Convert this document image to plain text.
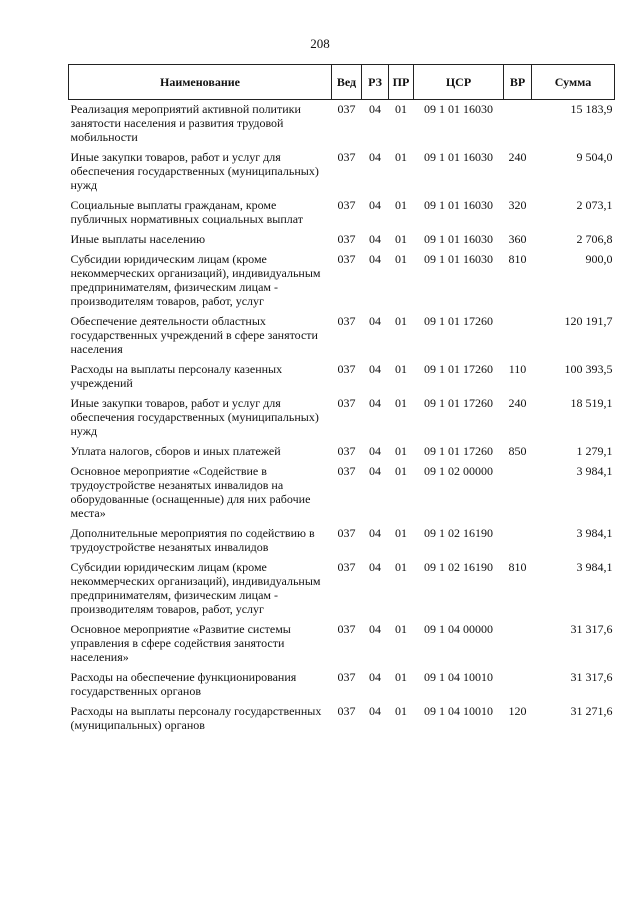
208
Наименование	Вед	РЗ	ПР	ЦСР	ВР	Сумма
Реализация мероприятий активной политики занятости населения и развития трудовой мобильности	037	04	01	09 1 01 16030		15 183,9
Иные закупки товаров, работ и услуг для обеспечения государственных (муниципальных) нужд	037	04	01	09 1 01 16030	240	9 504,0
Социальные выплаты гражданам, кроме публичных нормативных социальных выплат	037	04	01	09 1 01 16030	320	2 073,1
Иные выплаты населению	037	04	01	09 1 01 16030	360	2 706,8
Субсидии юридическим лицам (кроме некоммерческих организаций), индивидуальным предпринимателям, физическим лицам - производителям товаров, работ, услуг	037	04	01	09 1 01 16030	810	900,0
Обеспечение деятельности областных государственных учреждений в сфере занятости населения	037	04	01	09 1 01 17260		120 191,7
Расходы на выплаты персоналу казенных учреждений	037	04	01	09 1 01 17260	110	100 393,5
Иные закупки товаров, работ и услуг для обеспечения государственных (муниципальных) нужд	037	04	01	09 1 01 17260	240	18 519,1
Уплата налогов, сборов и иных платежей	037	04	01	09 1 01 17260	850	1 279,1
Основное мероприятие «Содействие в трудоустройстве незанятых инвалидов на оборудованные (оснащенные) для них рабочие места»	037	04	01	09 1 02 00000		3 984,1
Дополнительные мероприятия по содействию в трудоустройстве незанятых инвалидов	037	04	01	09 1 02 16190		3 984,1
Субсидии юридическим лицам (кроме некоммерческих организаций), индивидуальным предпринимателям, физическим лицам - производителям товаров, работ, услуг	037	04	01	09 1 02 16190	810	3 984,1
Основное мероприятие «Развитие системы управления в сфере содействия занятости населения»	037	04	01	09 1 04 00000		31 317,6
Расходы на обеспечение функционирования государственных органов	037	04	01	09 1 04 10010		31 317,6
Расходы на выплаты персоналу государственных (муниципальных) органов	037	04	01	09 1 04 10010	120	31 271,6
